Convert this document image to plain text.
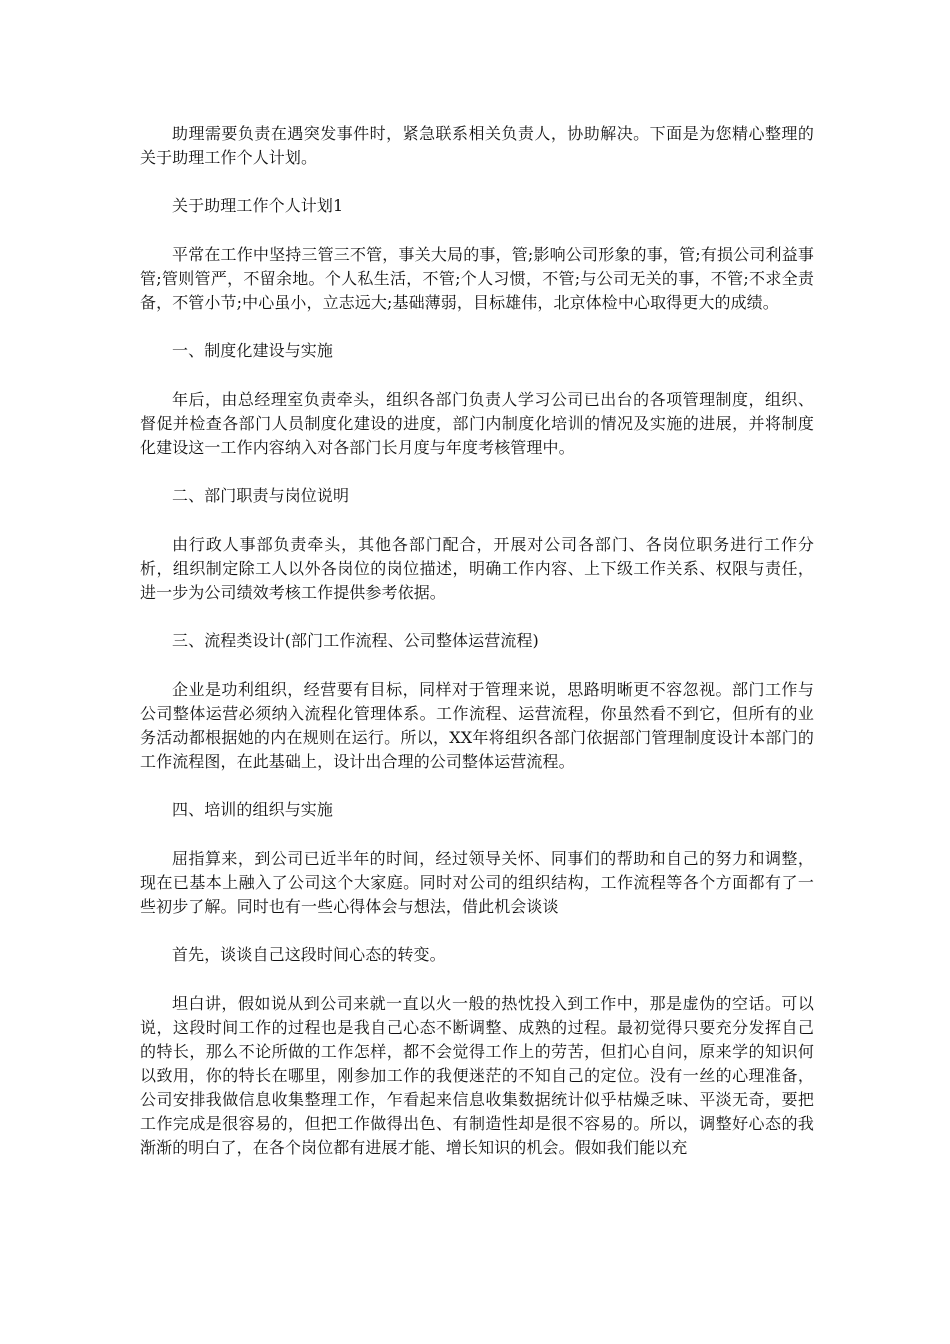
助理需要负责在遇突发事件时，紧急联系相关负责人，协助解决。下面是为您精心整理的关于助理工作个人计划。

关于助理工作个人计划1

平常在工作中坚持三管三不管，事关大局的事，管;影响公司形象的事，管;有损公司利益事管;管则管严，不留余地。个人私生活，不管;个人习惯，不管;与公司无关的事，不管;不求全责备，不管小节;中心虽小，立志远大;基础薄弱，目标雄伟，北京体检中心取得更大的成绩。

一、制度化建设与实施

年后，由总经理室负责牵头，组织各部门负责人学习公司已出台的各项管理制度，组织、督促并检查各部门人员制度化建设的进度，部门内制度化培训的情况及实施的进展，并将制度化建设这一工作内容纳入对各部门长月度与年度考核管理中。

二、部门职责与岗位说明

由行政人事部负责牵头，其他各部门配合，开展对公司各部门、各岗位职务进行工作分析，组织制定除工人以外各岗位的岗位描述，明确工作内容、上下级工作关系、权限与责任，进一步为公司绩效考核工作提供参考依据。

三、流程类设计(部门工作流程、公司整体运营流程)

企业是功利组织，经营要有目标，同样对于管理来说，思路明晰更不容忽视。部门工作与公司整体运营必须纳入流程化管理体系。工作流程、运营流程，你虽然看不到它，但所有的业务活动都根据她的内在规则在运行。所以，XX年将组织各部门依据部门管理制度设计本部门的工作流程图，在此基础上，设计出合理的公司整体运营流程。

四、培训的组织与实施

屈指算来，到公司已近半年的时间，经过领导关怀、同事们的帮助和自己的努力和调整，现在已基本上融入了公司这个大家庭。同时对公司的组织结构，工作流程等各个方面都有了一些初步了解。同时也有一些心得体会与想法，借此机会谈谈

首先，谈谈自己这段时间心态的转变。

坦白讲，假如说从到公司来就一直以火一般的热忱投入到工作中，那是虚伪的空话。可以说，这段时间工作的过程也是我自己心态不断调整、成熟的过程。最初觉得只要充分发挥自己的特长，那么不论所做的工作怎样，都不会觉得工作上的劳苦，但扪心自问，原来学的知识何以致用，你的特长在哪里，刚参加工作的我便迷茫的不知自己的定位。没有一丝的心理准备，公司安排我做信息收集整理工作，乍看起来信息收集数据统计似乎枯燥乏味、平淡无奇，要把工作完成是很容易的，但把工作做得出色、有制造性却是很不容易的。所以，调整好心态的我渐渐的明白了，在各个岗位都有进展才能、增长知识的机会。假如我们能以充
